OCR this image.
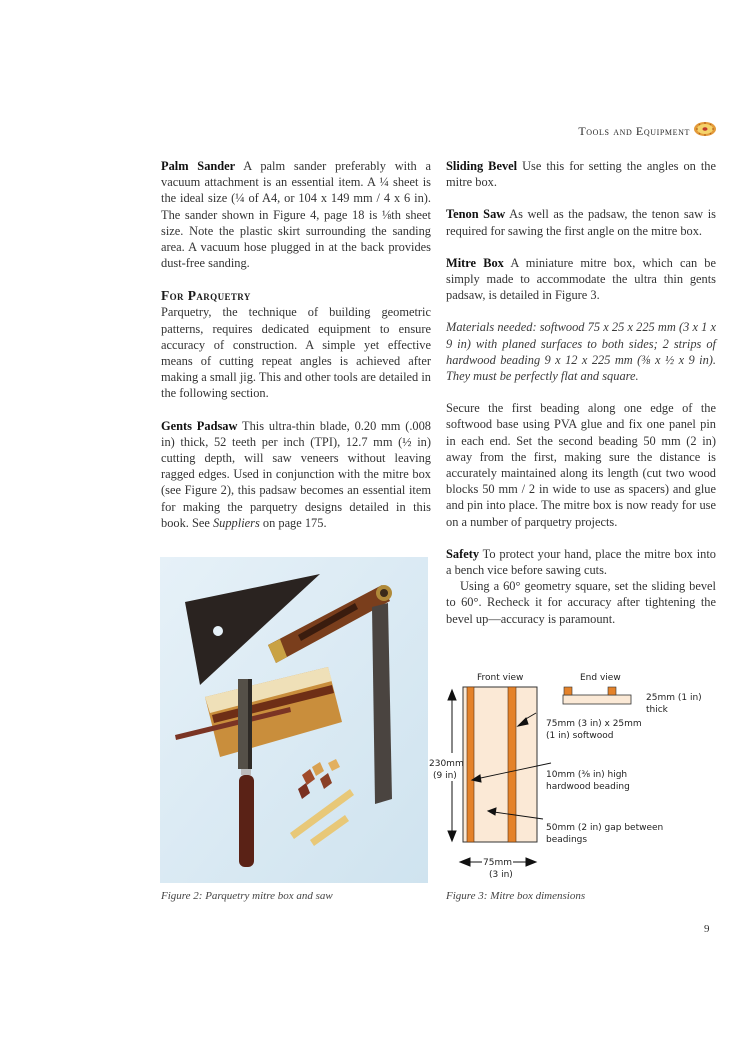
Tools and Equipment

Palm Sander A palm sander preferably with a vacuum attachment is an essential item. A ¼ sheet is the ideal size (¼ of A4, or 104 x 149 mm / 4 x 6 in). The sander shown in Figure 4, page 18 is ⅛th sheet size. Note the plastic skirt surrounding the sanding area. A vacuum hose plugged in at the back provides dust-free sanding.

For Parquetry

Parquetry, the technique of building geometric patterns, requires dedicated equipment to ensure accuracy of construction. A simple yet effective means of cutting repeat angles is achieved after making a small jig. This and other tools are detailed in the following section.

Gents Padsaw This ultra-thin blade, 0.20 mm (.008 in) thick, 52 teeth per inch (TPI), 12.7 mm (½ in) cutting depth, will saw veneers without leaving ragged edges. Used in conjunction with the mitre box (see Figure 2), this padsaw becomes an essential item for making the parquetry designs detailed in this book. See Suppliers on page 175.

Sliding Bevel Use this for setting the angles on the mitre box.

Tenon Saw As well as the padsaw, the tenon saw is required for sawing the first angle on the mitre box.

Mitre Box A miniature mitre box, which can be simply made to accommodate the ultra thin gents padsaw, is detailed in Figure 3.

Materials needed: softwood 75 x 25 x 225 mm (3 x 1 x 9 in) with planed surfaces to both sides; 2 strips of hardwood beading 9 x 12 x 225 mm (⅜ x ½ x 9 in). They must be perfectly flat and square.

Secure the first beading along one edge of the softwood base using PVA glue and fix one panel pin in each end. Set the second beading 50 mm (2 in) away from the first, making sure the distance is accurately maintained along its length (cut two wood blocks 50 mm / 2 in wide to use as spacers) and glue and pin into place. The mitre box is now ready for use on a number of parquetry projects.

Safety To protect your hand, place the mitre box into a bench vice before sawing cuts.

Using a 60° geometry square, set the sliding bevel to 60°. Recheck it for accuracy after tightening the bevel up—accuracy is paramount.

Figure 2: Parquetry mitre box and saw
Front view	End view
230mm
(9 in)
75mm
(3 in)
25mm (1 in)
thick
75mm (3 in) x 25mm
(1 in) softwood
10mm (⅜ in) high
hardwood beading
50mm (2 in) gap between
beadings
Figure 3: Mitre box dimensions
9
